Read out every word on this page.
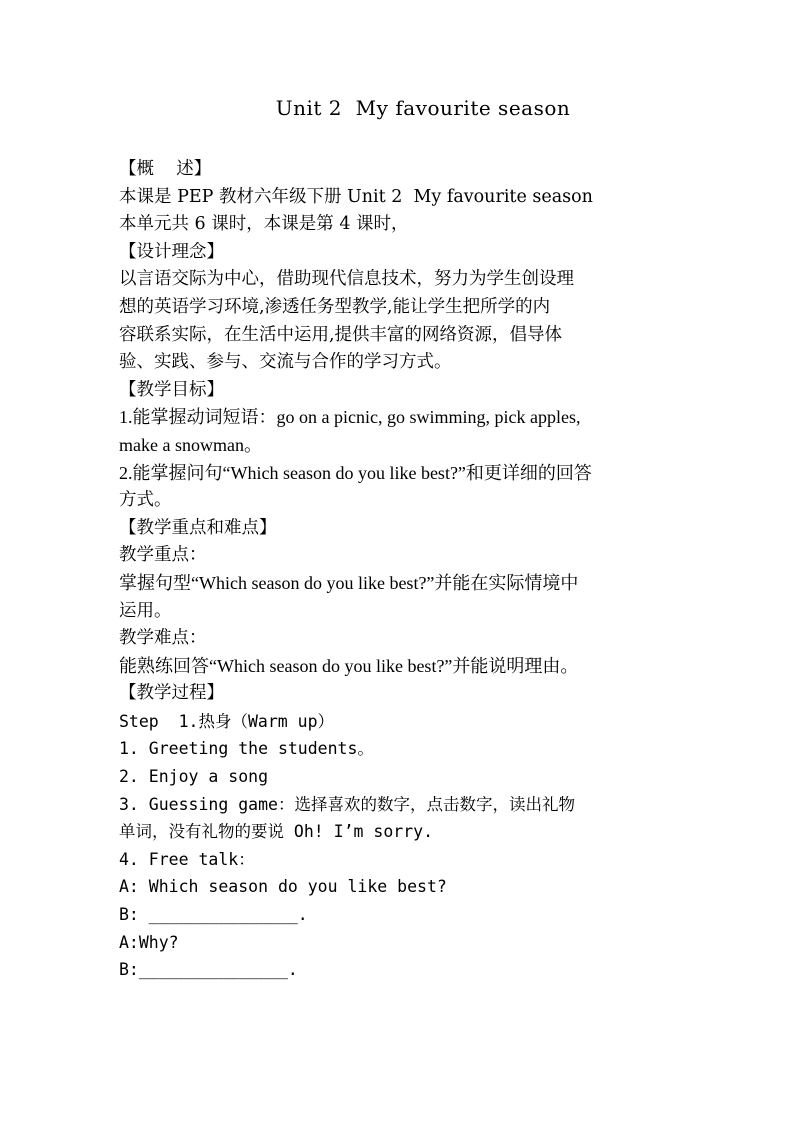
Unit 2  My favourite season
【概    述】
本课是 PEP 教材六年级下册 Unit 2  My favourite season
本单元共 6 课时，本课是第 4 课时，
【设计理念】
以言语交际为中心，借助现代信息技术，努力为学生创设理
想的英语学习环境,渗透任务型教学,能让学生把所学的内
容联系实际，在生活中运用,提供丰富的网络资源，倡导体
验、实践、参与、交流与合作的学习方式。
【教学目标】
1.能掌握动词短语：go on a picnic, go swimming, pick apples,
make a snowman。
2.能掌握问句“Which season do you like best?”和更详细的回答
方式。
【教学重点和难点】
教学重点：
掌握句型“Which season do you like best?”并能在实际情境中
运用。
教学难点：
能熟练回答“Which season do you like best?”并能说明理由。
【教学过程】
Step  1.热身（Warm up）
1. Greeting the students。
2. Enjoy a song
3. Guessing game：选择喜欢的数字，点击数字，读出礼物
单词，没有礼物的要说 Oh! I’m sorry.
4. Free talk：
A: Which season do you like best?
B: _______________.
A:Why?
B:_______________.
